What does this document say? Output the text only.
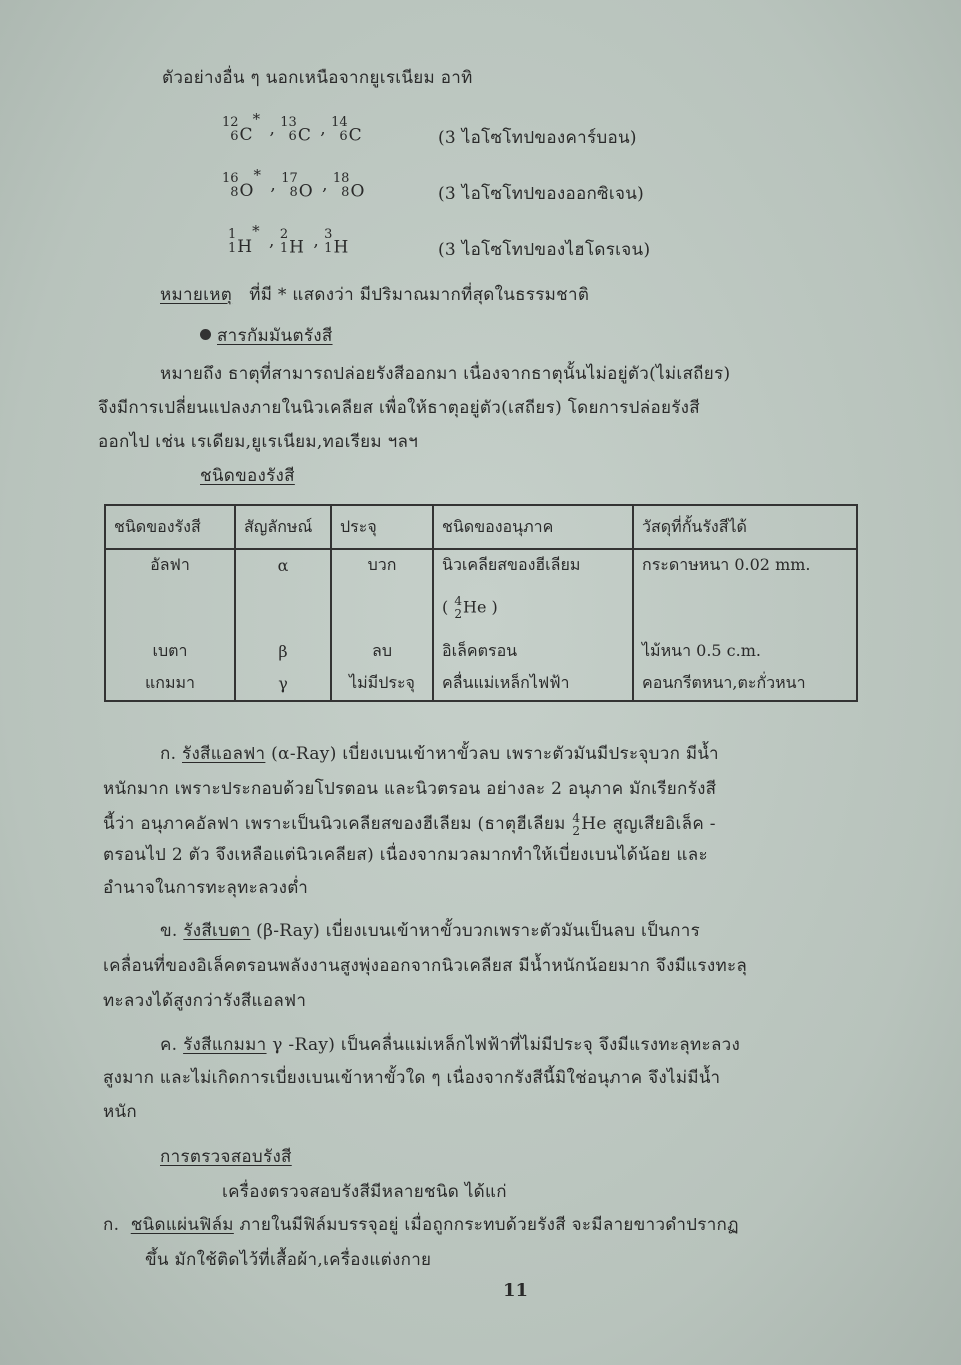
ตัวอย่างอื่น ๆ นอกเหนือจากยูเรเนียม อาทิ
12
6 C* , 13
6 C , 14
6 C	(3 ไอโซโทปของคาร์บอน)
16
8 O* , 17
8 O , 18
8 O	(3 ไอโซโทปของออกซิเจน)
1
1 H* , 2
1 H , 3
1 H	(3 ไอโซโทปของไฮโดรเจน)
หมายเหตุ ที่มี * แสดงว่า มีปริมาณมากที่สุดในธรรมชาติ
สารกัมมันตรังสี
หมายถึง ธาตุที่สามารถปล่อยรังสีออกมา เนื่องจากธาตุนั้นไม่อยู่ตัว(ไม่เสถียร)
จึงมีการเปลี่ยนแปลงภายในนิวเคลียส เพื่อให้ธาตุอยู่ตัว(เสถียร) โดยการปล่อยรังสี
ออกไป เช่น เรเดียม,ยูเรเนียม,ทอเรียม ฯลฯ
ชนิดของรังสี
ชนิดของรังสี	สัญลักษณ์	ประจุ	ชนิดของอนุภาค	วัสดุที่กั้นรังสีได้
อัลฟา	α	บวก	นิวเคลียสของฮีเลียม	กระดาษหนา 0.02 mm.
			( 4
2 He )	
เบตา	β	ลบ	อิเล็คตรอน	ไม้หนา 0.5 c.m.
แกมมา	γ	ไม่มีประจุ	คลื่นแม่เหล็กไฟฟ้า	คอนกรีตหนา,ตะกั่วหนา
ก. รังสีแอลฟา (α-Ray) เบี่ยงเบนเข้าหาขั้วลบ เพราะตัวมันมีประจุบวก มีน้ำ
หนักมาก เพราะประกอบด้วยโปรตอน และนิวตรอน อย่างละ 2 อนุภาค มักเรียกรังสี
นี้ว่า อนุภาคอัลฟา เพราะเป็นนิวเคลียสของฮีเลียม (ธาตุฮีเลียม 4
2 He สูญเสียอิเล็ค -
ตรอนไป 2 ตัว จึงเหลือแต่นิวเคลียส) เนื่องจากมวลมากทำให้เบี่ยงเบนได้น้อย และ
อำนาจในการทะลุทะลวงต่ำ
ข. รังสีเบตา (β-Ray) เบี่ยงเบนเข้าหาขั้วบวกเพราะตัวมันเป็นลบ เป็นการ
เคลื่อนที่ของอิเล็คตรอนพลังงานสูงพุ่งออกจากนิวเคลียส มีน้ำหนักน้อยมาก จึงมีแรงทะลุ
ทะลวงได้สูงกว่ารังสีแอลฟา
ค. รังสีแกมมา γ -Ray) เป็นคลื่นแม่เหล็กไฟฟ้าที่ไม่มีประจุ จึงมีแรงทะลุทะลวง
สูงมาก และไม่เกิดการเบี่ยงเบนเข้าหาขั้วใด ๆ เนื่องจากรังสีนี้มิใช่อนุภาค จึงไม่มีน้ำ
หนัก
การตรวจสอบรังสี
เครื่องตรวจสอบรังสีมีหลายชนิด ได้แก่
ก. ชนิดแผ่นฟิล์ม ภายในมีฟิล์มบรรจุอยู่ เมื่อถูกกระทบด้วยรังสี จะมีลายขาวดำปรากฏ
ขึ้น มักใช้ติดไว้ที่เสื้อผ้า,เครื่องแต่งกาย
11
